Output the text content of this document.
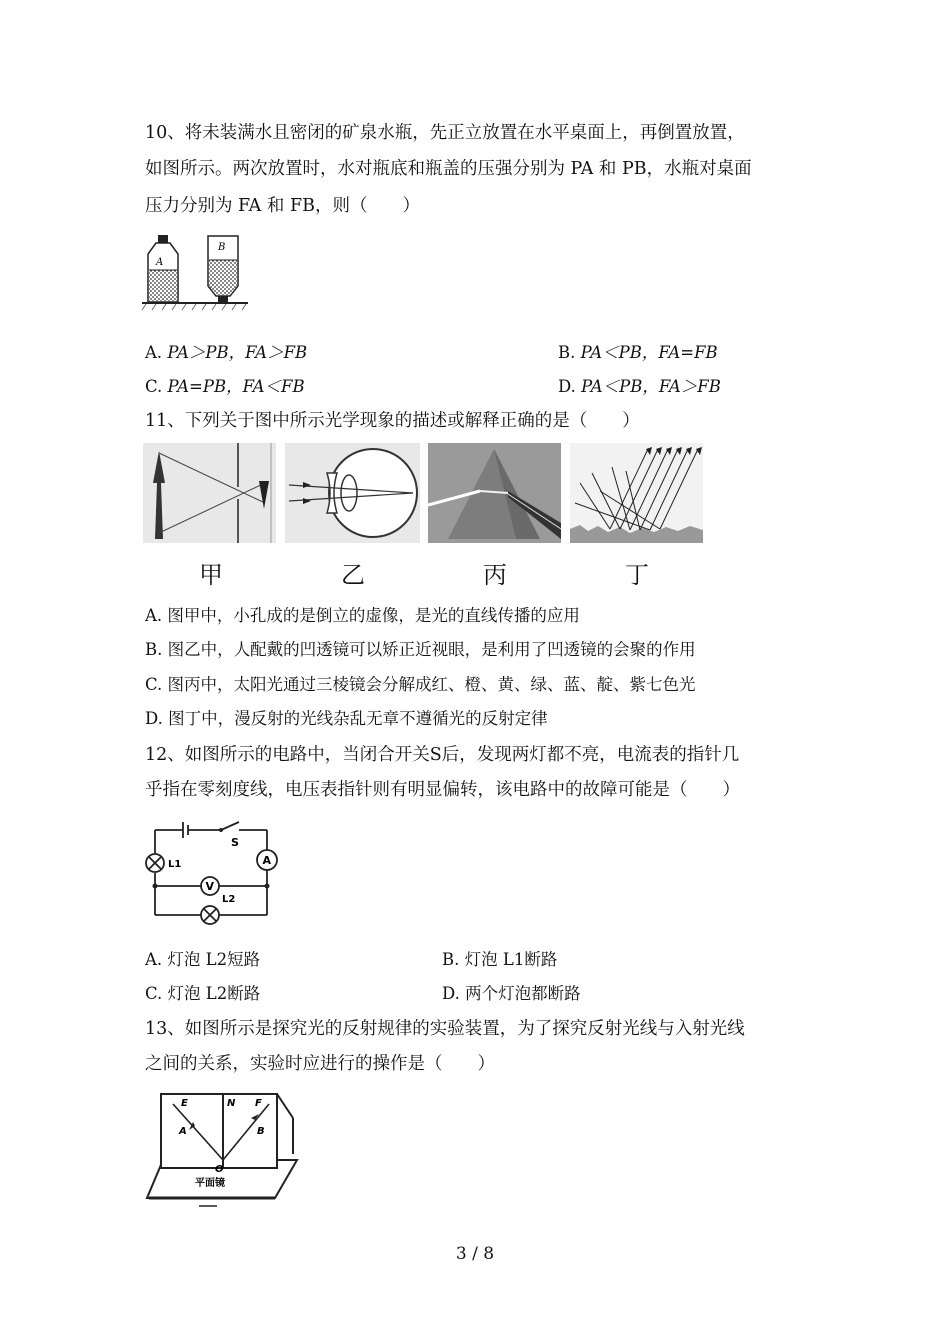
10、将未装满水且密闭的矿泉水瓶，先正立放置在水平桌面上，再倒置放置，
如图所示。两次放置时，水对瓶底和瓶盖的压强分别为 PA 和 PB，水瓶对桌面
压力分别为 FA 和 FB，则（　　）
A
B
A. PA＞PB，FA＞FB	B. PA＜PB，FA=FB
C. PA=PB，FA＜FB	D. PA＜PB，FA＞FB
11、下列关于图中所示光学现象的描述或解释正确的是（　　）
甲	乙	丙	丁
A. 图甲中，小孔成的是倒立的虚像，是光的直线传播的应用
B. 图乙中，人配戴的凹透镜可以矫正近视眼，是利用了凹透镜的会聚的作用
C. 图丙中，太阳光通过三棱镜会分解成红、橙、黄、绿、蓝、靛、紫七色光
D. 图丁中，漫反射的光线杂乱无章不遵循光的反射定律
12、如图所示的电路中，当闭合开关S后，发现两灯都不亮，电流表的指针几
乎指在零刻度线，电压表指针则有明显偏转，该电路中的故障可能是（　　）
S
A
V
L1
L2
A. 灯泡 L2短路	B. 灯泡 L1断路
C. 灯泡 L2断路	D. 两个灯泡都断路
13、如图所示是探究光的反射规律的实验装置，为了探究反射光线与入射光线
之间的关系，实验时应进行的操作是（　　）
E	N F
A	B
O
平面镜
3 / 8
